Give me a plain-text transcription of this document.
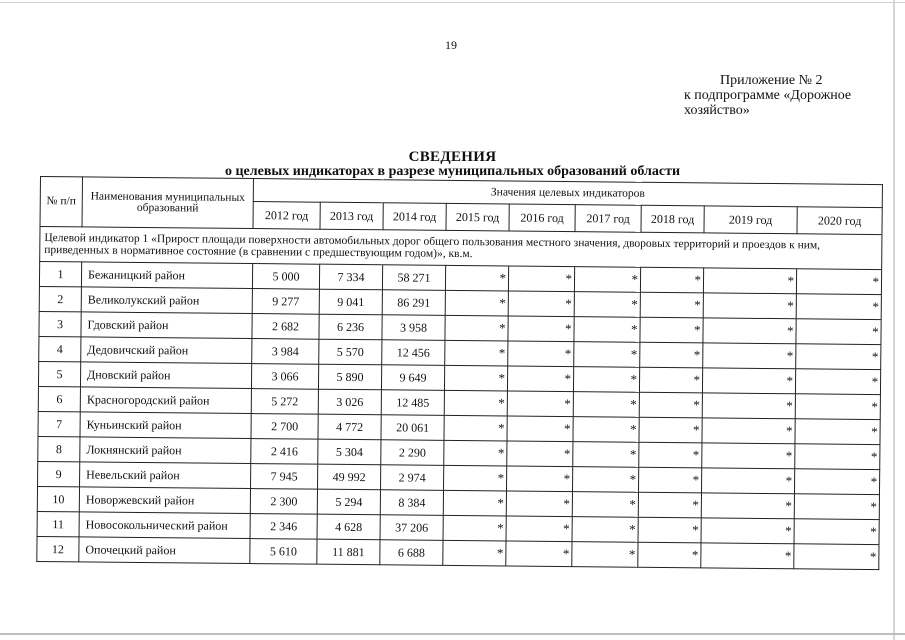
19
Приложение № 2
к подпрограмме «Дорожное
хозяйство»
СВЕДЕНИЯ
о целевых индикаторах в разрезе муниципальных образований области
№ п/п	Наименования муниципальных образований	Значения целевых индикаторов								
		2012 год	2013 год	2014 год	2015 год	2016 год	2017 год	2018 год	2019 год	2020 год
Целевой индикатор 1 «Прирост площади поверхности автомобильных дорог общего пользования местного значения, дворовых территорий и проездов к ним, приведенных в нормативное состояние (в сравнении с предшествующим годом)», кв.м.										
1	Бежаницкий район	5 000	7 334	58 271	*	*	*	*	*	*
2	Великолукский район	9 277	9 041	86 291	*	*	*	*	*	*
3	Гдовский район	2 682	6 236	3 958	*	*	*	*	*	*
4	Дедовичский район	3 984	5 570	12 456	*	*	*	*	*	*
5	Дновский район	3 066	5 890	9 649	*	*	*	*	*	*
6	Красногородский район	5 272	3 026	12 485	*	*	*	*	*	*
7	Куньинский район	2 700	4 772	20 061	*	*	*	*	*	*
8	Локнянский район	2 416	5 304	2 290	*	*	*	*	*	*
9	Невельский район	7 945	49 992	2 974	*	*	*	*	*	*
10	Новоржевский район	2 300	5 294	8 384	*	*	*	*	*	*
11	Новосокольнический район	2 346	4 628	37 206	*	*	*	*	*	*
12	Опочецкий район	5 610	11 881	6 688	*	*	*	*	*	*
